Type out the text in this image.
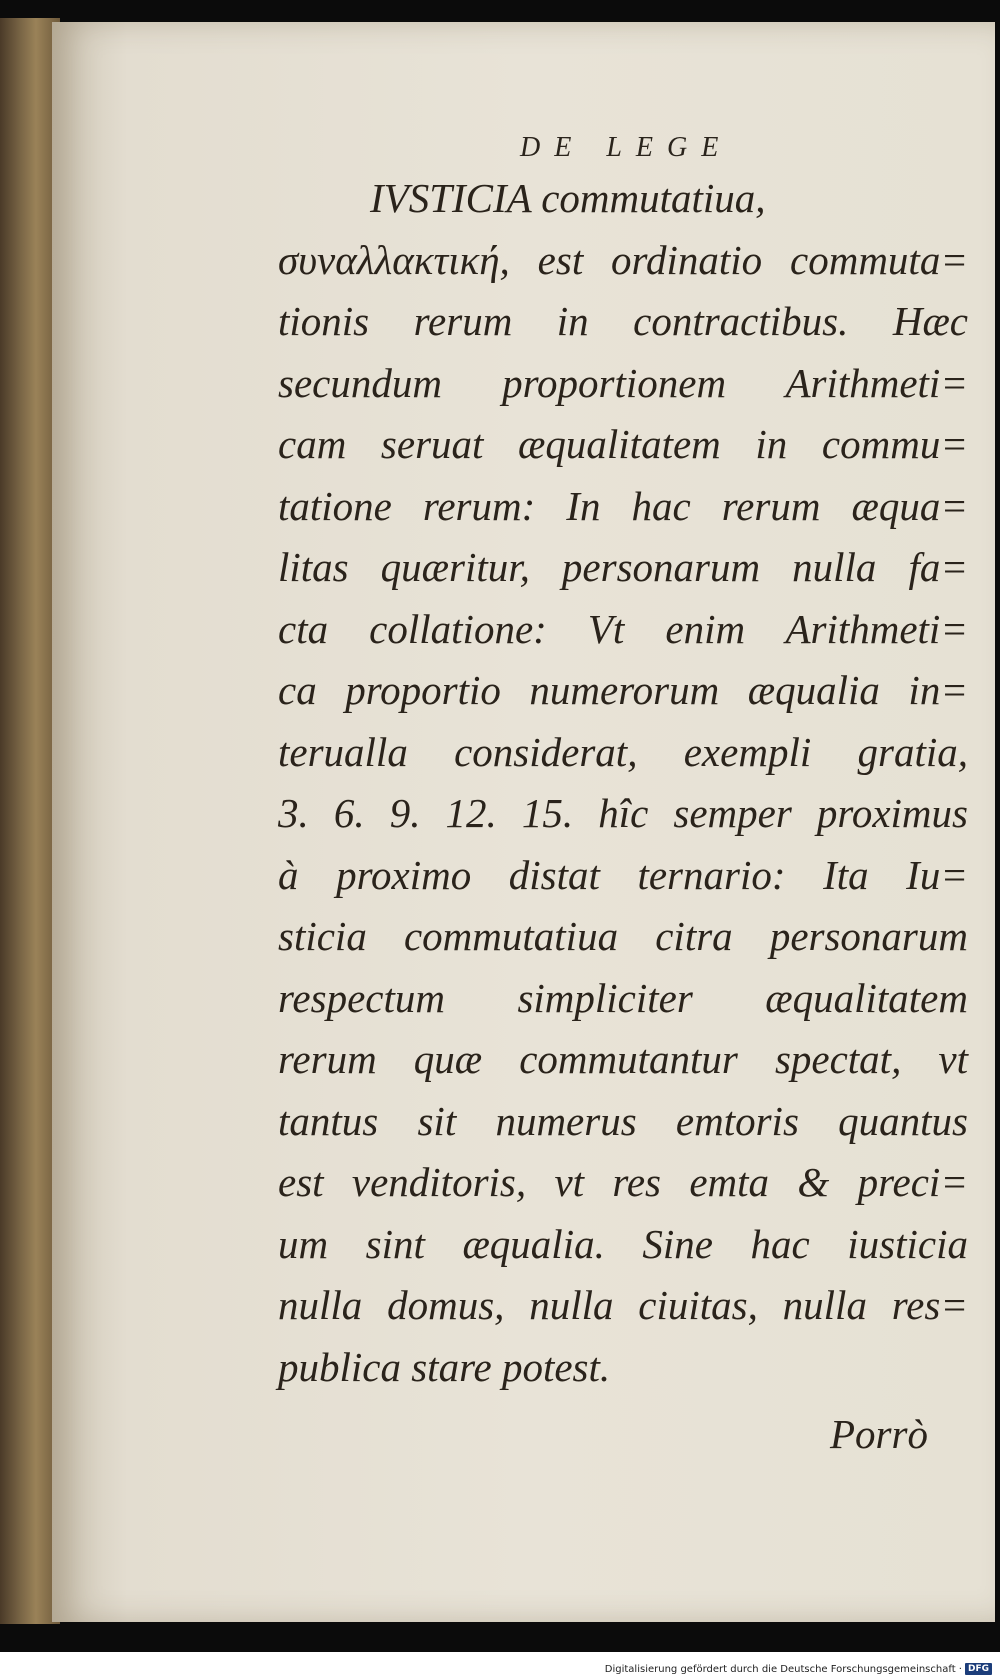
DE LEGE
IVSTICIA commutatiua,
συναλλακτική, est ordinatio commuta=
tionis rerum in contractibus. Hæc
secundum proportionem Arithmeti=
cam seruat æqualitatem in commu=
tatione rerum: In hac rerum æqua=
litas quæritur, personarum nulla fa=
cta collatione: Vt enim Arithmeti=
ca proportio numerorum æqualia in=
terualla considerat, exempli gratia,
3. 6. 9. 12. 15. hîc semper proximus
à proximo distat ternario: Ita Iu=
sticia commutatiua citra personarum
respectum simpliciter æqualitatem
rerum quæ commutantur spectat, vt
tantus sit numerus emtoris quantus
est venditoris, vt res emta & preci=
um sint æqualia. Sine hac iusticia
nulla domus, nulla ciuitas, nulla res=
publica stare potest.
Porrò
Digitalisierung gefördert durch die Deutsche Forschungsgemeinschaft · DFG
